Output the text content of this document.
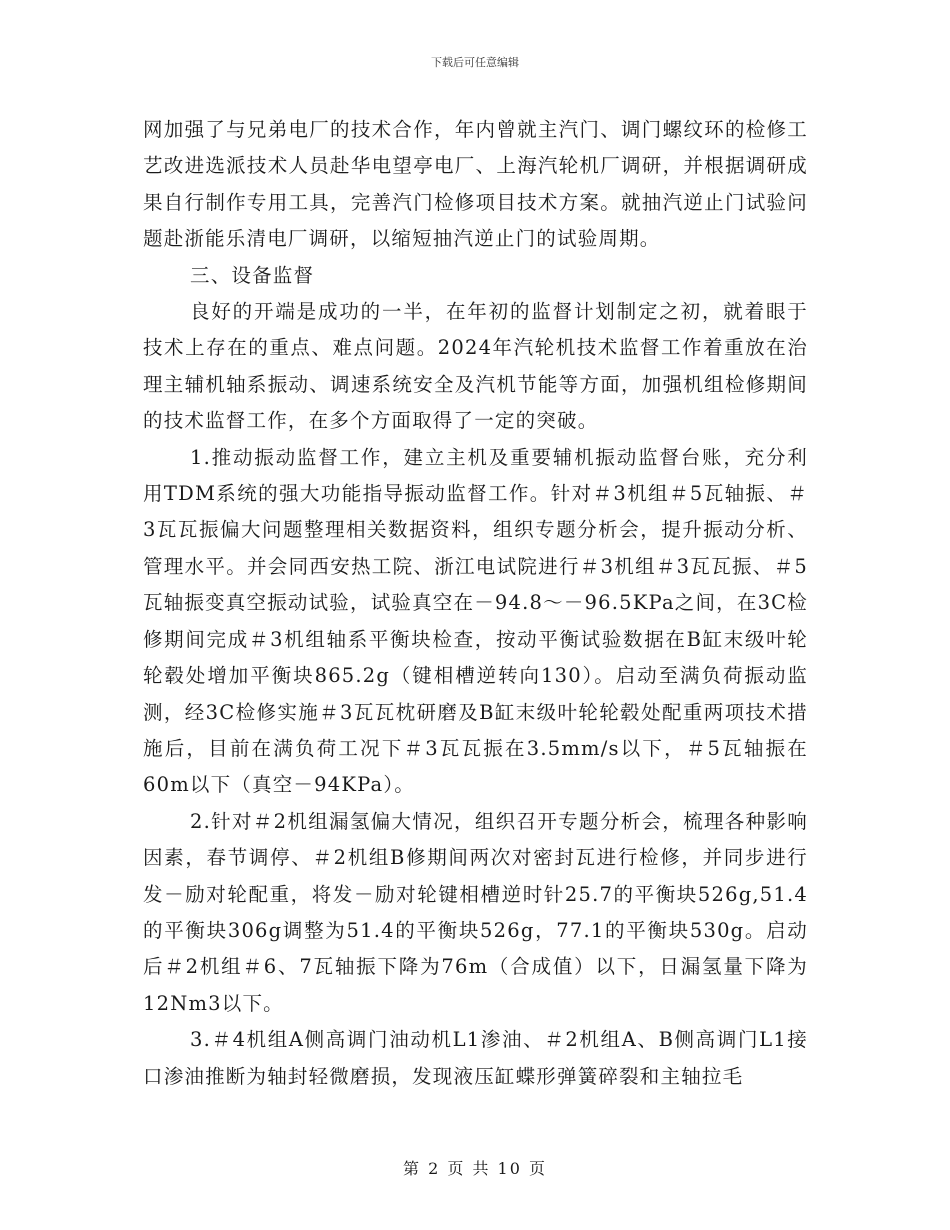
下载后可任意编辑

网加强了与兄弟电厂的技术合作，年内曾就主汽门、调门螺纹环的检修工艺改进选派技术人员赴华电望亭电厂、上海汽轮机厂调研，并根据调研成果自行制作专用工具，完善汽门检修项目技术方案。就抽汽逆止门试验问题赴浙能乐清电厂调研，以缩短抽汽逆止门的试验周期。

三、设备监督

良好的开端是成功的一半，在年初的监督计划制定之初，就着眼于技术上存在的重点、难点问题。2024年汽轮机技术监督工作着重放在治理主辅机轴系振动、调速系统安全及汽机节能等方面，加强机组检修期间的技术监督工作，在多个方面取得了一定的突破。

1.推动振动监督工作，建立主机及重要辅机振动监督台账，充分利用TDM系统的强大功能指导振动监督工作。针对＃3机组＃5瓦轴振、＃3瓦瓦振偏大问题整理相关数据资料，组织专题分析会，提升振动分析、管理水平。并会同西安热工院、浙江电试院进行＃3机组＃3瓦瓦振、＃5瓦轴振变真空振动试验，试验真空在－94.8～－96.5KPa之间，在3C检修期间完成＃3机组轴系平衡块检查，按动平衡试验数据在B缸末级叶轮轮毂处增加平衡块865.2g（键相槽逆转向130）。启动至满负荷振动监测，经3C检修实施＃3瓦瓦枕研磨及B缸末级叶轮轮毂处配重两项技术措施后，目前在满负荷工况下＃3瓦瓦振在3.5mm/s以下，＃5瓦轴振在60m以下（真空－94KPa）。

2.针对＃2机组漏氢偏大情况，组织召开专题分析会，梳理各种影响因素，春节调停、＃2机组B修期间两次对密封瓦进行检修，并同步进行发－励对轮配重，将发－励对轮键相槽逆时针25.7的平衡块526g,51.4的平衡块306g调整为51.4的平衡块526g，77.1的平衡块530g。启动后＃2机组＃6、7瓦轴振下降为76m（合成值）以下，日漏氢量下降为12Nm3以下。

3.＃4机组A侧高调门油动机L1渗油、＃2机组A、B侧高调门L1接口渗油推断为轴封轻微磨损，发现液压缸蝶形弹簧碎裂和主轴拉毛

第 2 页 共 10 页
